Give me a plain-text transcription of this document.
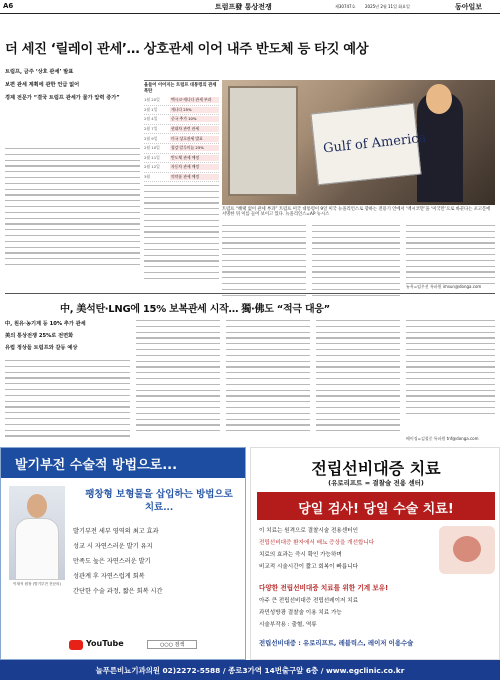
A6	트럼프發 통상전쟁	제30747호 2025년 2월 11일 화요일	동아일보
더 세진 ‘릴레이 관세’… 상호관세 이어 내주 반도체 등 타깃 예상
트럼프, 금주 ‘상호 관세’ 발표
보편 관세 계획에 관한 언급 없어
경제 전문가 “결국 트럼프 관세가 물가 압력 증가”
올들어 이어지는 트럼프 대통령의 관세 폭탄
1월 20일	멕시코·캐나다 관세 부과
2월 1일	캐나다 25%
2월 4일	중국 추가 10%
2월 7일	현대차 관련 관세
2월 9일	미국 상호관세 발표
2월 10일	철강·알루미늄 25%
2월 11일	반도체 관세 예정
2월 12일	자동차 관세 예정
3월	의약품 관세 예정
Gulf of America
트럼프 “혜택 없이 관세 부과” 트럼프 미국 대통령이 9일 미국 뉴올리언스로 향하는 전용기 안에서 ‘멕시코만’을 ‘미국만’으로 바꾼다는 포고문에 서명한 뒤 이를 들어 보이고 있다. 뉴올리언스=AP 뉴시스
뉴욕=임우선 특파원 imsun@donga.com
中, 美석탄·LNG에 15% 보복관세 시작… 獨·佛도 “적극 대응”
中, 원유·농기계 등 10% 추가 관세
美의 통상전쟁 25%로 전면화
유럽 정상들 트럼프와 갈등 예상
베이징=김철중 특파원 tnf@donga.com
발기부전 수술적 방법으로...
이재석 원장 (발기부전 전문의)
팽창형 보형물을 삽입하는 방법으로 치료...
발기부전 세부 영역의 최고 효과
성교 시 자연스러운 발기 유지
만족도 높은 자연스러운 발기
성관계 후 자연스럽게 회복
간단한 수술 과정, 짧은 회복 시간
YouTube	○○○ 검색
전립선비대증 치료
(유로리프트 = 결찰술 전용 센터)
당일 검사! 당일 수술 치료!
이 치료는 원격으로 결찰시술 전용센터인
전립선비대증 환자에서 배뇨 증상을 개선합니다
치료의 효과는 즉시 확인 가능하며
비교적 시술시간이 짧고 회복이 빠릅니다
다양한 전립선비대증 치료를 위한 기계 보유!
아주 큰 전립선비대증 전립선레이저 치료
과민성방광 결찰술 이용 치료 가능
시술부작용 : 출혈, 역류
전립선비대증 : 유로리프트, 레블릭스, 레이저 이용수술
놀푸른비뇨기과의원 02)2272-5588 / 종로3가역 14번출구앞 6층 / www.egclinic.co.kr
